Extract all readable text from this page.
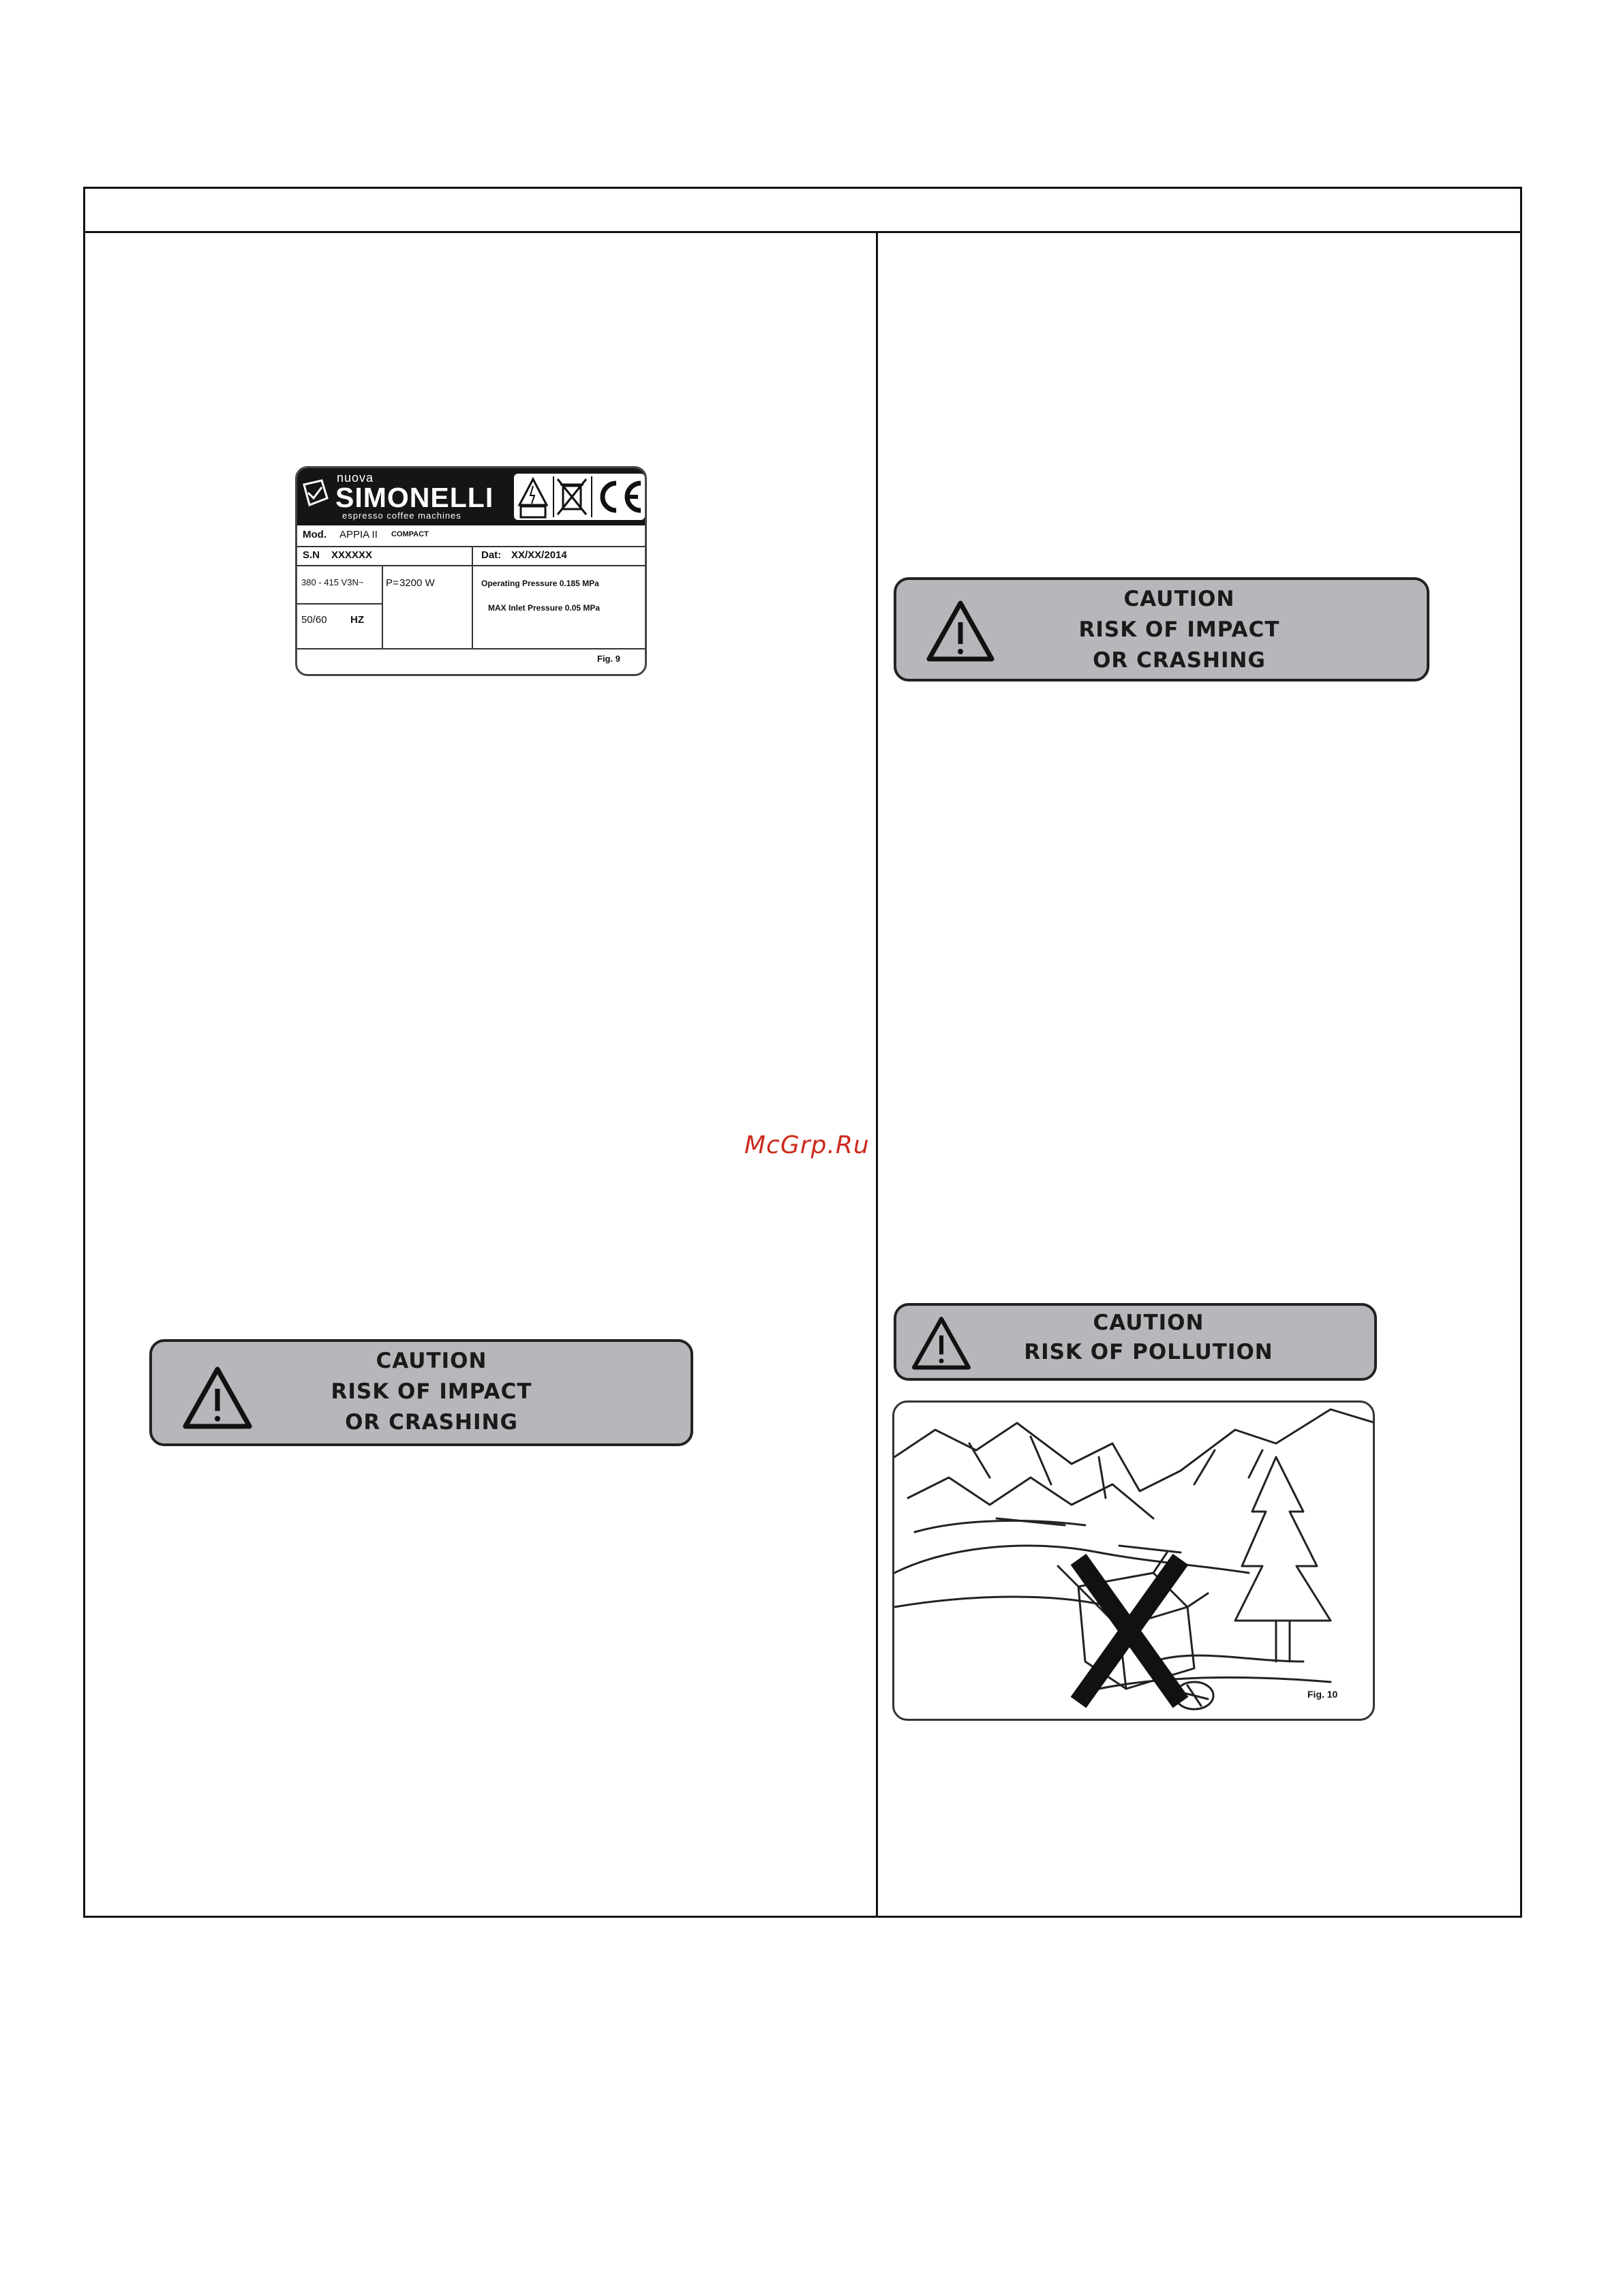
nuova
SIMONELLI
espresso coffee machines
Mod. APPIA II COMPACT
S.N XXXXXX	Dat: XX/XX/2014
380 - 415 V3N~ P= 3200 W	Operating Pressure 0.185 MPa
MAX Inlet Pressure 0.05 MPa
50/60 HZ
Fig. 9
CAUTION
RISK OF IMPACT
OR CRASHING
CAUTION
RISK OF IMPACT
OR CRASHING
CAUTION
RISK OF POLLUTION
Fig. 10
McGrp.Ru
